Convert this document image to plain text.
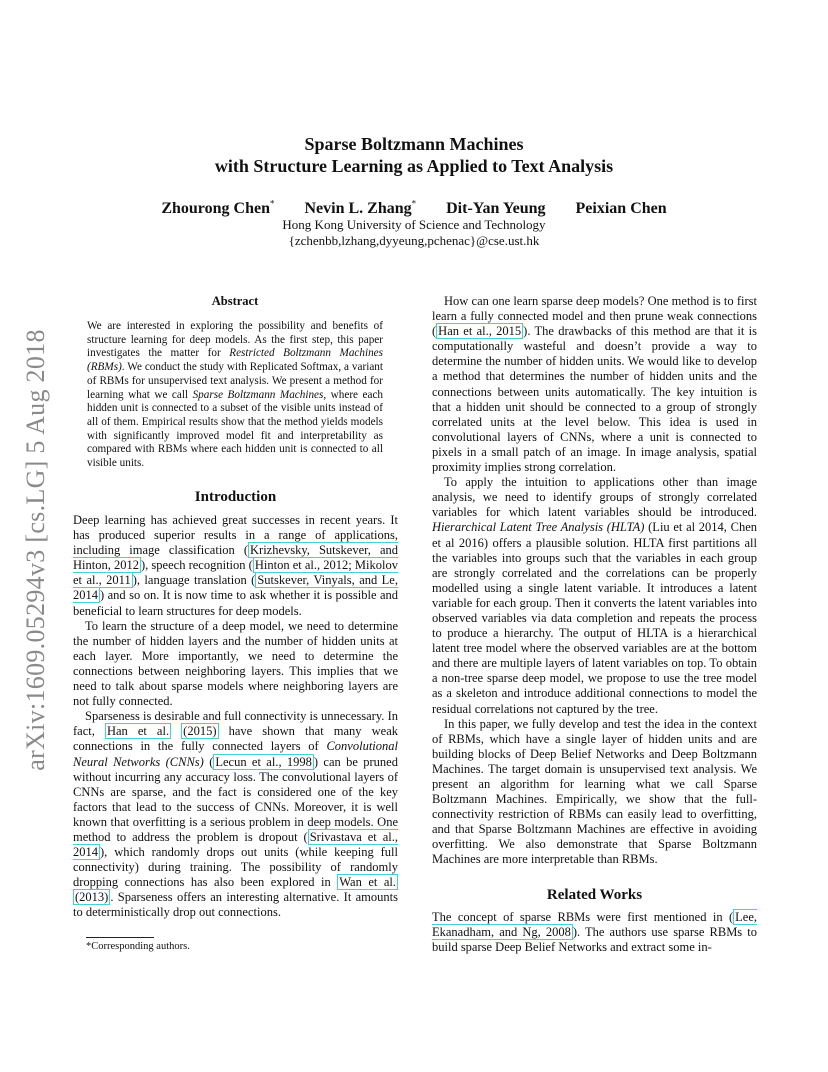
arXiv:1609.05294v3 [cs.LG] 5 Aug 2018
Sparse Boltzmann Machines
with Structure Learning as Applied to Text Analysis
Zhourong Chen* Nevin L. Zhang* Dit-Yan Yeung Peixian Chen
Hong Kong University of Science and Technology
{zchenbb,lzhang,dyyeung,pchenac}@cse.ust.hk
Abstract
We are interested in exploring the possibility and benefits of structure learning for deep models. As the first step, this paper investigates the matter for Restricted Boltzmann Machines (RBMs). We conduct the study with Replicated Softmax, a variant of RBMs for unsupervised text analysis. We present a method for learning what we call Sparse Boltzmann Machines, where each hidden unit is connected to a subset of the visible units instead of all of them. Empirical results show that the method yields models with significantly improved model fit and interpretability as compared with RBMs where each hidden unit is connected to all visible units.
Introduction

Deep learning has achieved great successes in recent years. It has produced superior results in a range of applications, including image classification ( Krizhevsky, Sutskever, and Hinton, 2012 ), speech recognition ( Hinton et al., 2012; Mikolov et al., 2011 ), language translation ( Sutskever, Vinyals, and Le, 2014 ) and so on. It is now time to ask whether it is possible and beneficial to learn structures for deep models.

To learn the structure of a deep model, we need to determine the number of hidden layers and the number of hidden units at each layer. More importantly, we need to determine the connections between neighboring layers. This implies that we need to talk about sparse models where neighboring layers are not fully connected.

Sparseness is desirable and full connectivity is unnecessary. In fact, Han et al. (2015) have shown that many weak connections in the fully connected layers of Convolutional Neural Networks (CNNs) ( Lecun et al., 1998 ) can be pruned without incurring any accuracy loss. The convolutional layers of CNNs are sparse, and the fact is considered one of the key factors that lead to the success of CNNs. Moreover, it is well known that overfitting is a serious problem in deep models. One method to address the problem is dropout ( Srivastava et al., 2014 ), which randomly drops out units (while keeping full connectivity) during training. The possibility of randomly dropping connections has also been explored in Wan et al. (2013) . Sparseness offers an interesting alternative. It amounts to deterministically drop out connections.

*Corresponding authors.

How can one learn sparse deep models? One method is to first learn a fully connected model and then prune weak connections ( Han et al., 2015 ). The drawbacks of this method are that it is computationally wasteful and doesn’t provide a way to determine the number of hidden units. We would like to develop a method that determines the number of hidden units and the connections between units automatically. The key intuition is that a hidden unit should be connected to a group of strongly correlated units at the level below. This idea is used in convolutional layers of CNNs, where a unit is connected to pixels in a small patch of an image. In image analysis, spatial proximity implies strong correlation.

To apply the intuition to applications other than image analysis, we need to identify groups of strongly correlated variables for which latent variables should be introduced. Hierarchical Latent Tree Analysis (HLTA) (Liu et al 2014, Chen et al 2016) offers a plausible solution. HLTA first partitions all the variables into groups such that the variables in each group are strongly correlated and the correlations can be properly modelled using a single latent variable. It introduces a latent variable for each group. Then it converts the latent variables into observed variables via data completion and repeats the process to produce a hierarchy. The output of HLTA is a hierarchical latent tree model where the observed variables are at the bottom and there are multiple layers of latent variables on top. To obtain a non-tree sparse deep model, we propose to use the tree model as a skeleton and introduce additional connections to model the residual correlations not captured by the tree.

In this paper, we fully develop and test the idea in the context of RBMs, which have a single layer of hidden units and are building blocks of Deep Belief Networks and Deep Boltzmann Machines. The target domain is unsupervised text analysis. We present an algorithm for learning what we call Sparse Boltzmann Machines. Empirically, we show that the full-connectivity restriction of RBMs can easily lead to overfitting, and that Sparse Boltzmann Machines are effective in avoiding overfitting. We also demonstrate that Sparse Boltzmann Machines are more interpretable than RBMs.

Related Works

The concept of sparse RBMs were first mentioned in ( Lee, Ekanadham, and Ng, 2008 ). The authors use sparse RBMs to build sparse Deep Belief Networks and extract some in-
